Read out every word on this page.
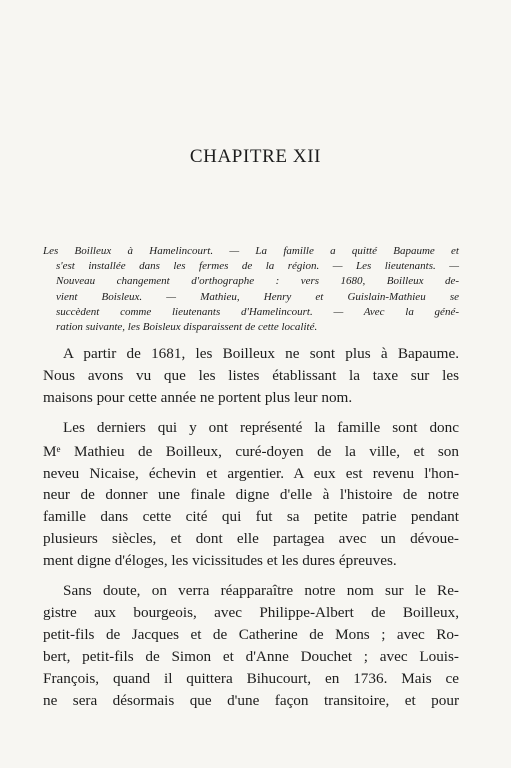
CHAPITRE XII
Les Boilleux à Hamelincourt. — La famille a quitté Bapaume et
s'est installée dans les fermes de la région. — Les lieutenants. —
Nouveau changement d'orthographe : vers 1680, Boilleux de-
vient Boisleux. — Mathieu, Henry et Guislain-Mathieu se
succèdent comme lieutenants d'Hamelincourt. — Avec la géné-
ration suivante, les Boisleux disparaissent de cette localité.
A partir de 1681, les Boilleux ne sont plus à Bapaume.
Nous avons vu que les listes établissant la taxe sur les
maisons pour cette année ne portent plus leur nom.
Les derniers qui y ont représenté la famille sont donc
Me Mathieu de Boilleux, curé-doyen de la ville, et son
neveu Nicaise, échevin et argentier. A eux est revenu l'hon-
neur de donner une finale digne d'elle à l'histoire de notre
famille dans cette cité qui fut sa petite patrie pendant
plusieurs siècles, et dont elle partagea avec un dévoue-
ment digne d'éloges, les vicissitudes et les dures épreuves.
Sans doute, on verra réapparaître notre nom sur le Re-
gistre aux bourgeois, avec Philippe-Albert de Boilleux,
petit-fils de Jacques et de Catherine de Mons ; avec Ro-
bert, petit-fils de Simon et d'Anne Douchet ; avec Louis-
François, quand il quittera Bihucourt, en 1736. Mais ce
ne sera désormais que d'une façon transitoire, et pour
